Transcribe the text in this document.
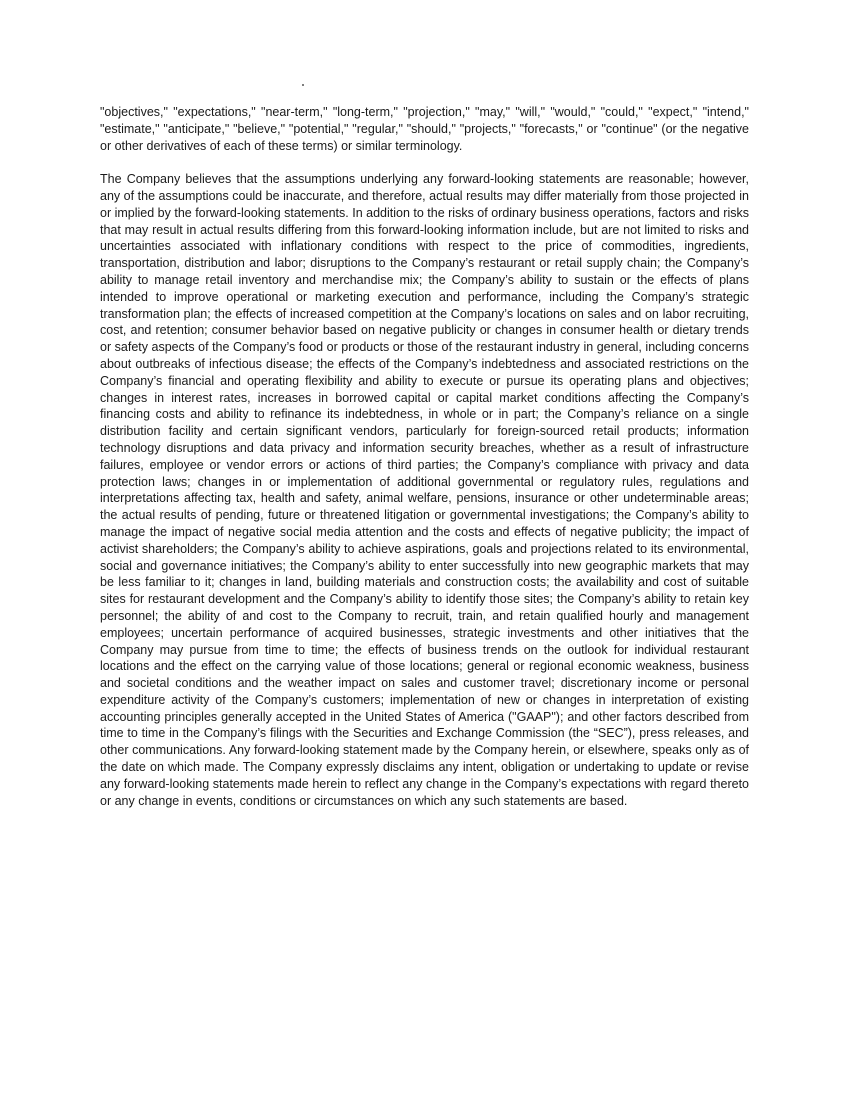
"objectives," "expectations," "near-term," "long-term," "projection," "may," "will," "would," "could," "expect," "intend," "estimate," "anticipate," "believe," "potential," "regular," "should," "projects," "forecasts," or "continue" (or the negative or other derivatives of each of these terms) or similar terminology.

The Company believes that the assumptions underlying any forward-looking statements are reasonable; however, any of the assumptions could be inaccurate, and therefore, actual results may differ materially from those projected in or implied by the forward-looking statements. In addition to the risks of ordinary business operations, factors and risks that may result in actual results differing from this forward-looking information include, but are not limited to risks and uncertainties associated with inflationary conditions with respect to the price of commodities, ingredients, transportation, distribution and labor; disruptions to the Company’s restaurant or retail supply chain; the Company’s ability to manage retail inventory and merchandise mix; the Company’s ability to sustain or the effects of plans intended to improve operational or marketing execution and performance, including the Company’s strategic transformation plan; the effects of increased competition at the Company’s locations on sales and on labor recruiting, cost, and retention; consumer behavior based on negative publicity or changes in consumer health or dietary trends or safety aspects of the Company’s food or products or those of the restaurant industry in general, including concerns about outbreaks of infectious disease; the effects of the Company’s indebtedness and associated restrictions on the Company’s financial and operating flexibility and ability to execute or pursue its operating plans and objectives; changes in interest rates, increases in borrowed capital or capital market conditions affecting the Company’s financing costs and ability to refinance its indebtedness, in whole or in part; the Company’s reliance on a single distribution facility and certain significant vendors, particularly for foreign-sourced retail products; information technology disruptions and data privacy and information security breaches, whether as a result of infrastructure failures, employee or vendor errors or actions of third parties; the Company’s compliance with privacy and data protection laws; changes in or implementation of additional governmental or regulatory rules, regulations and interpretations affecting tax, health and safety, animal welfare, pensions, insurance or other undeterminable areas; the actual results of pending, future or threatened litigation or governmental investigations; the Company’s ability to manage the impact of negative social media attention and the costs and effects of negative publicity; the impact of activist shareholders; the Company’s ability to achieve aspirations, goals and projections related to its environmental, social and governance initiatives; the Company’s ability to enter successfully into new geographic markets that may be less familiar to it; changes in land, building materials and construction costs; the availability and cost of suitable sites for restaurant development and the Company’s ability to identify those sites; the Company’s ability to retain key personnel; the ability of and cost to the Company to recruit, train, and retain qualified hourly and management employees; uncertain performance of acquired businesses, strategic investments and other initiatives that the Company may pursue from time to time; the effects of business trends on the outlook for individual restaurant locations and the effect on the carrying value of those locations; general or regional economic weakness, business and societal conditions and the weather impact on sales and customer travel; discretionary income or personal expenditure activity of the Company’s customers; implementation of new or changes in interpretation of existing accounting principles generally accepted in the United States of America ("GAAP"); and other factors described from time to time in the Company’s filings with the Securities and Exchange Commission (the “SEC”), press releases, and other communications. Any forward-looking statement made by the Company herein, or elsewhere, speaks only as of the date on which made. The Company expressly disclaims any intent, obligation or undertaking to update or revise any forward-looking statements made herein to reflect any change in the Company’s expectations with regard thereto or any change in events, conditions or circumstances on which any such statements are based.
